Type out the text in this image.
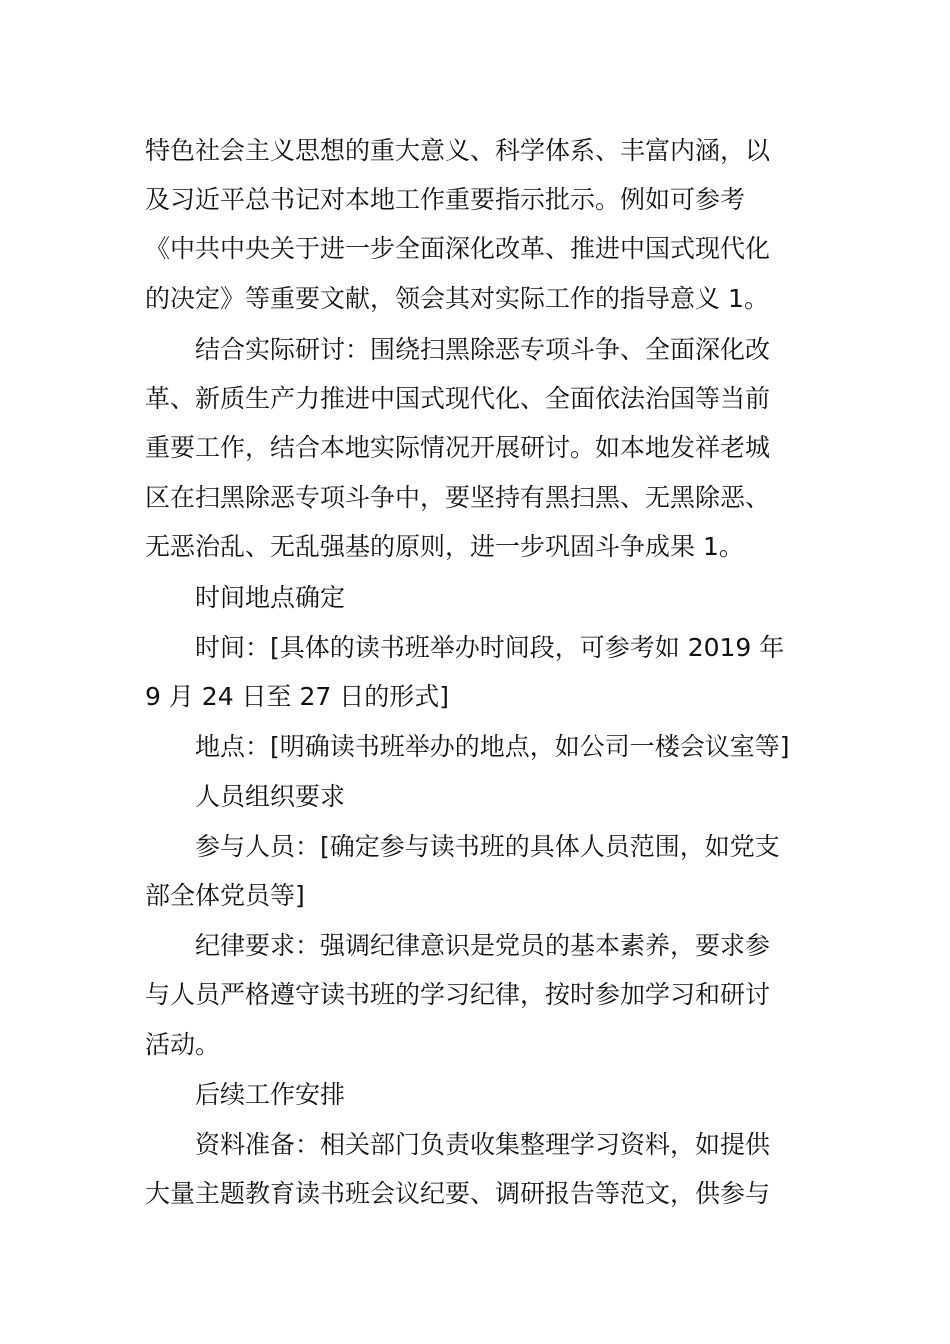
特色社会主义思想的重大意义、科学体系、丰富内涵，以
及习近平总书记对本地工作重要指示批示。例如可参考
《中共中央关于进一步全面深化改革、推进中国式现代化
的决定》等重要文献，领会其对实际工作的指导意义 1。
结合实际研讨：围绕扫黑除恶专项斗争、全面深化改
革、新质生产力推进中国式现代化、全面依法治国等当前
重要工作，结合本地实际情况开展研讨。如本地发祥老城
区在扫黑除恶专项斗争中，要坚持有黑扫黑、无黑除恶、
无恶治乱、无乱强基的原则，进一步巩固斗争成果 1。
时间地点确定
时间：[具体的读书班举办时间段，可参考如 2019 年
9 月 24 日至 27 日的形式]
地点：[明确读书班举办的地点，如公司一楼会议室等]
人员组织要求
参与人员：[确定参与读书班的具体人员范围，如党支
部全体党员等]
纪律要求：强调纪律意识是党员的基本素养，要求参
与人员严格遵守读书班的学习纪律，按时参加学习和研讨
活动。
后续工作安排
资料准备：相关部门负责收集整理学习资料，如提供
大量主题教育读书班会议纪要、调研报告等范文，供参与
